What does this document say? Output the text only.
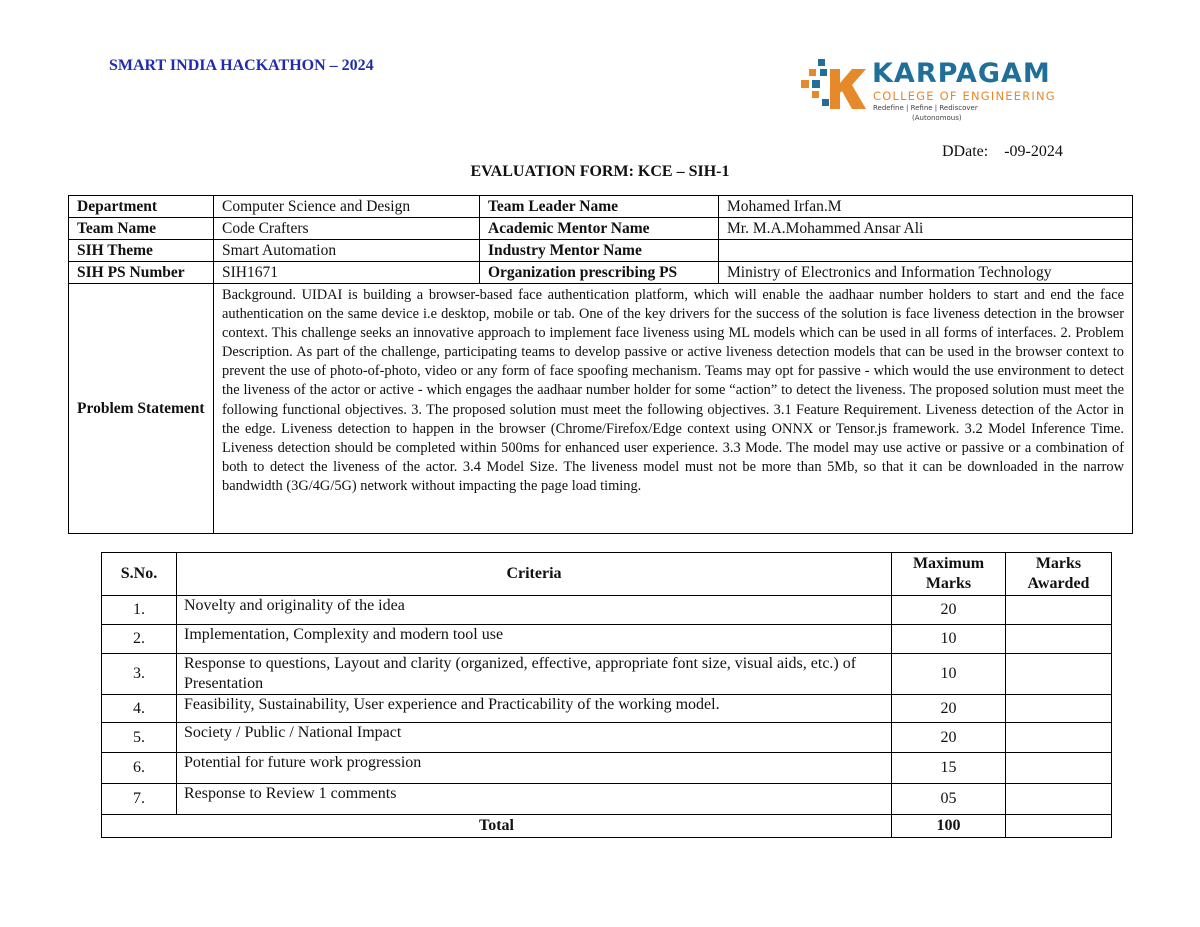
SMART INDIA HACKATHON – 2024	KARPAGAM
COLLEGE OF ENGINEERING
Redefine | Refine | Rediscover
(Autonomous)
DDate: -09-2024
EVALUATION FORM: KCE – SIH-1
Department	Computer Science and Design	Team Leader Name	Mohamed Irfan.M
Team Name	Code Crafters	Academic Mentor Name	Mr. M.A.Mohammed Ansar Ali
SIH Theme	Smart Automation	Industry Mentor Name	
SIH PS Number	SIH1671	Organization prescribing PS	Ministry of Electronics and Information Technology
Problem Statement	Background. UIDAI is building a browser-based face authentication platform, which will enable the aadhaar number holders to start and end the face authentication on the same device i.e desktop, mobile or tab. One of the key drivers for the success of the solution is face liveness detection in the browser context. This challenge seeks an innovative approach to implement face liveness using ML models which can be used in all forms of interfaces. 2. Problem Description. As part of the challenge, participating teams to develop passive or active liveness detection models that can be used in the browser context to prevent the use of photo-of-photo, video or any form of face spoofing mechanism. Teams may opt for passive - which would the use environment to detect the liveness of the actor or active - which engages the aadhaar number holder for some “action” to detect the liveness. The proposed solution must meet the following functional objectives. 3. The proposed solution must meet the following objectives. 3.1 Feature Requirement. Liveness detection of the Actor in the edge. Liveness detection to happen in the browser (Chrome/Firefox/Edge context using ONNX or Tensor.js framework. 3.2 Model Inference Time. Liveness detection should be completed within 500ms for enhanced user experience. 3.3 Mode. The model may use active or passive or a combination of both to detect the liveness of the actor. 3.4 Model Size. The liveness model must not be more than 5Mb, so that it can be downloaded in the narrow bandwidth (3G/4G/5G) network without impacting the page load timing.		
S.No.	Criteria	Maximum Marks	Marks Awarded
1.	Novelty and originality of the idea	20	
2.	Implementation, Complexity and modern tool use	10	
3.	Response to questions, Layout and clarity (organized, effective, appropriate font size, visual aids, etc.) of Presentation	10	
4.	Feasibility, Sustainability, User experience and Practicability of the working model.	20	
5.	Society / Public / National Impact	20	
6.	Potential for future work progression	15	
7.	Response to Review 1 comments	05	
Total		100	
